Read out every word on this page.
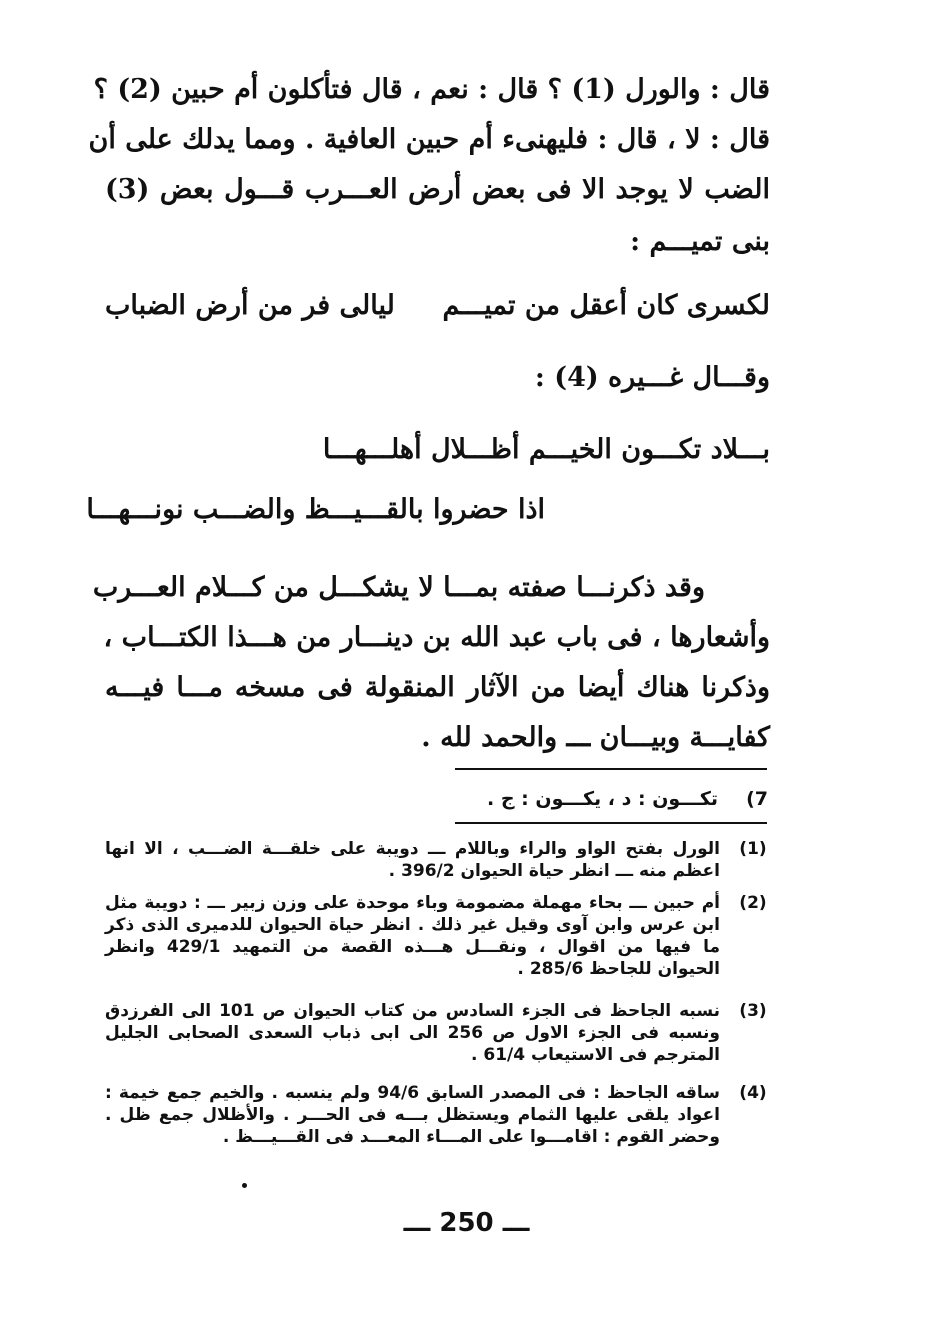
قال : والورل (1) ؟ قال : نعم ، قال فتأكلون أم حبين (2) ؟
قال : لا ، قال : فليهنىء أم حبين العافية . ومما يدلك على أن
الضب لا يوجد الا فى بعض أرض العـــرب قـــول بعض (3)
بنى تميـــم :
لكسرى كان أعقل من تميـــم
ليالى فر من أرض الضباب
وقـــال غـــيره (4) :
بـــلاد تكـــون الخيـــم أظـــلال أهلـــهـــا
اذا حضروا بالقـــيـــظ والضـــب نونـــهـــا
وقد ذكرنـــا صفته بمـــا لا يشكـــل من كـــلام العـــرب
وأشعارها ، فى باب عبد الله بن دينـــار من هـــذا الكتـــاب ،
وذكرنا هناك أيضا من الآثار المنقولة فى مسخه مـــا فيـــه
كفايـــة وبيـــان ـــ والحمد لله .
7)
تكـــون : د ، يكـــون : ج .
(1)
الورل بفتح الواو والراء وباللام ـــ دويبة على خلقـــة الضـــب ، الا انها اعظم منه ـــ انظر حياة الحيوان 396/2 .
(2)
أم حبين ـــ بحاء مهملة مضمومة وباء موحدة على وزن زبير ـــ : دويبة مثل ابن عرس وابن آوى وقيل غير ذلك . انظر حياة الحيوان للدميرى الذى ذكر ما فيها من اقوال ، ونقـــل هـــذه القصة من التمهيد 429/1 وانظر الحيوان للجاحظ 285/6 .
(3)
نسبه الجاحظ فى الجزء السادس من كتاب الحيوان ص 101 الى الفرزدق ونسبه فى الجزء الاول ص 256 الى ابى ذباب السعدى الصحابى الجليل المترجم فى الاستيعاب 61/4 .
(4)
ساقه الجاحظ : فى المصدر السابق 94/6 ولم ينسبه . والخيم جمع خيمة : اعواد يلقى عليها الثمام ويستظل بـــه فى الحـــر . والأظلال جمع ظل . وحضر القوم : اقامـــوا على المـــاء المعـــد فى القـــيـــظ .
ـــ 250 ـــ
